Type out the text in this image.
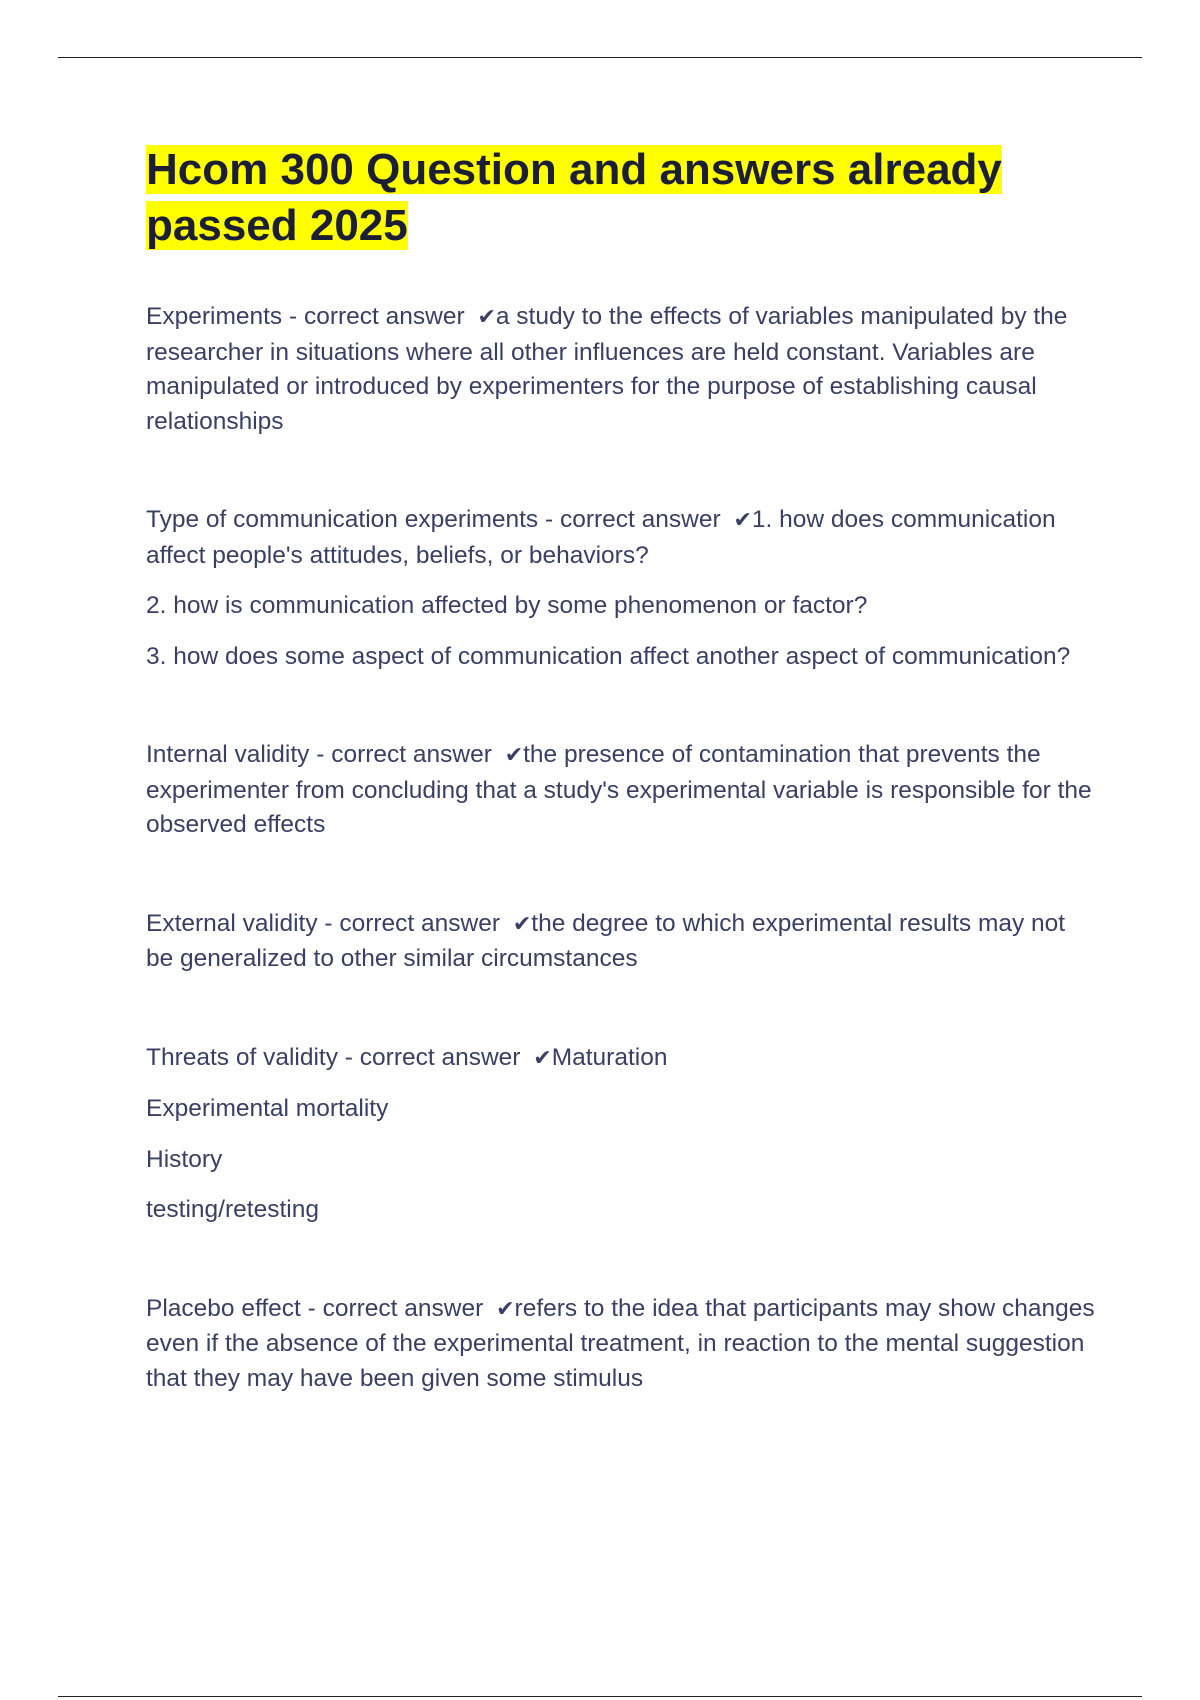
Hcom 300 Question and answers already passed 2025

Experiments - correct answer ✔a study to the effects of variables manipulated by the researcher in situations where all other influences are held constant. Variables are manipulated or introduced by experimenters for the purpose of establishing causal relationships

Type of communication experiments - correct answer ✔1. how does communication affect people's attitudes, beliefs, or behaviors?

2. how is communication affected by some phenomenon or factor?

3. how does some aspect of communication affect another aspect of communication?

Internal validity - correct answer ✔the presence of contamination that prevents the experimenter from concluding that a study's experimental variable is responsible for the observed effects

External validity - correct answer ✔the degree to which experimental results may not be generalized to other similar circumstances

Threats of validity - correct answer ✔Maturation

Experimental mortality

History

testing/retesting

Placebo effect - correct answer ✔refers to the idea that participants may show changes even if the absence of the experimental treatment, in reaction to the mental suggestion that they may have been given some stimulus
